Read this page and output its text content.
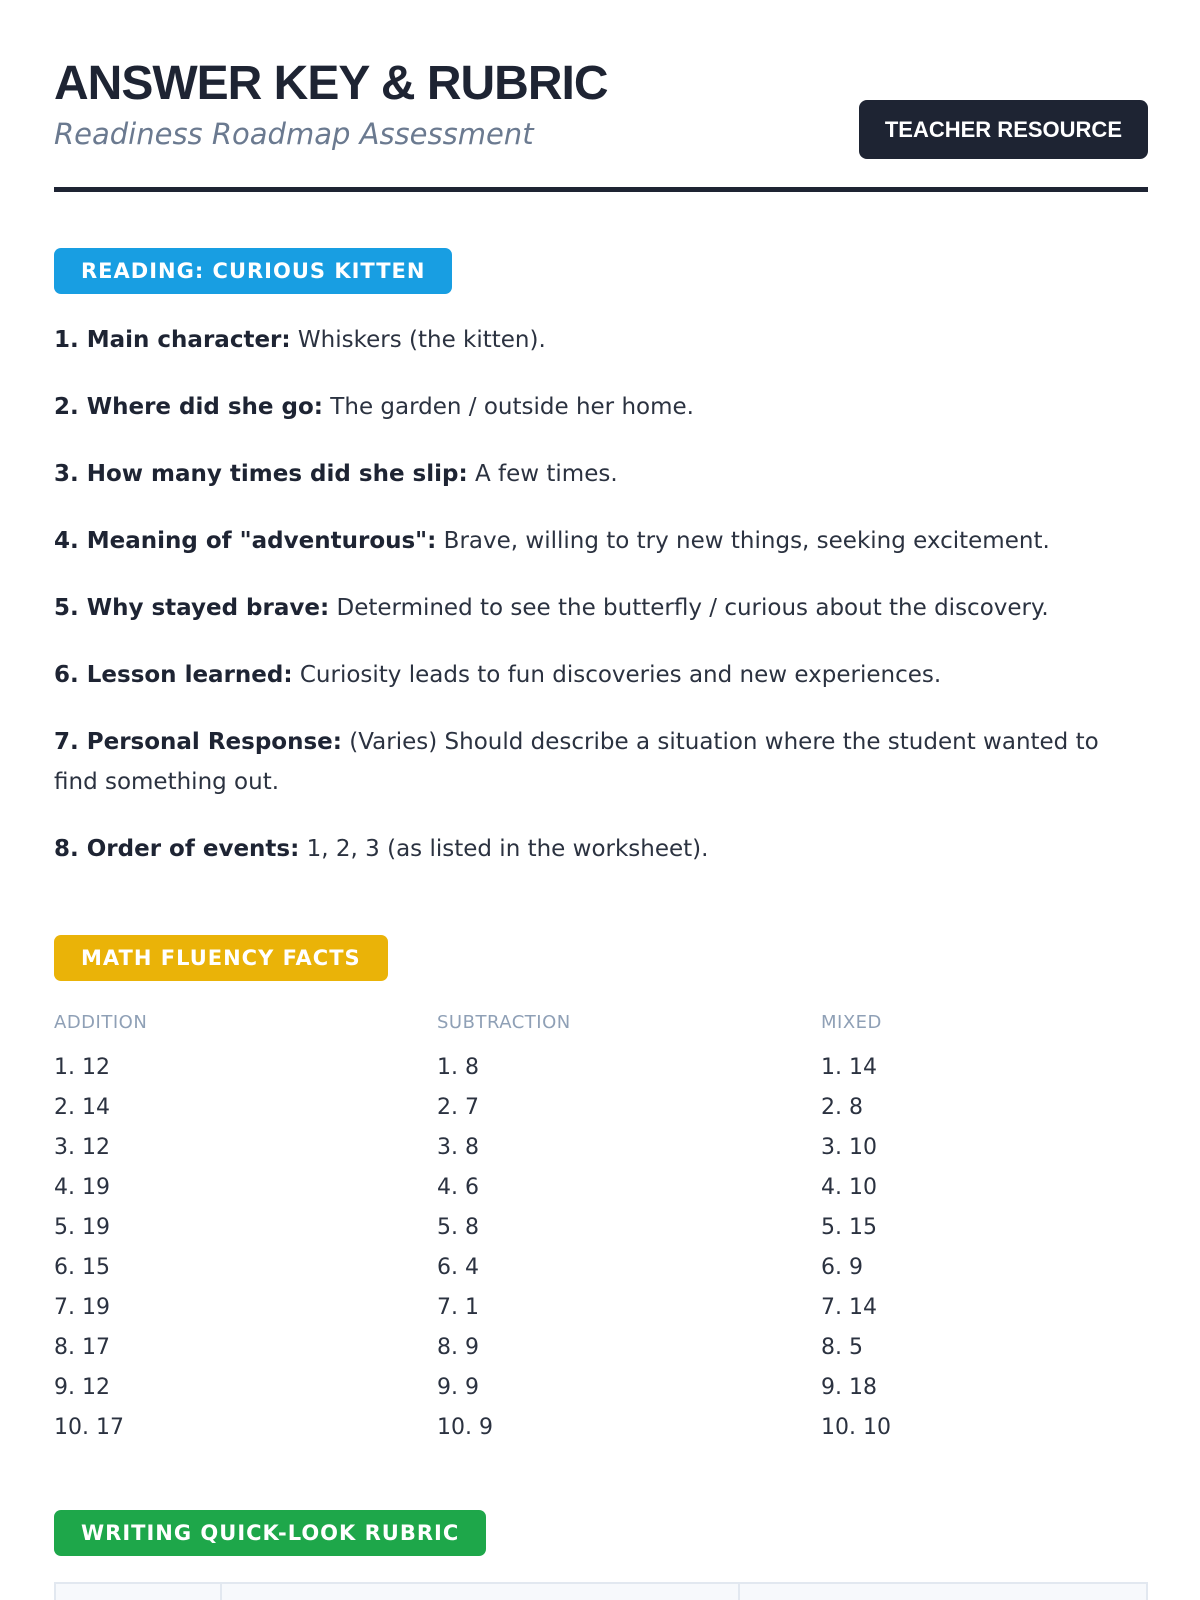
ANSWER KEY & RUBRIC
Readiness Roadmap Assessment	TEACHER RESOURCE
READING: CURIOUS KITTEN
1. Main character: Whiskers (the kitten).
2. Where did she go: The garden / outside her home.
3. How many times did she slip: A few times.
4. Meaning of "adventurous": Brave, willing to try new things, seeking excitement.
5. Why stayed brave: Determined to see the butterfly / curious about the discovery.
6. Lesson learned: Curiosity leads to fun discoveries and new experiences.
7. Personal Response: (Varies) Should describe a situation where the student wanted to find something out.
8. Order of events: 1, 2, 3 (as listed in the worksheet).
MATH FLUENCY FACTS
ADDITION
1. 12
2. 14
3. 12
4. 19
5. 19
6. 15
7. 19
8. 17
9. 12
10. 17
SUBTRACTION
1. 8
2. 7
3. 8
4. 6
5. 8
6. 4
7. 1
8. 9
9. 9
10. 9
MIXED
1. 14
2. 8
3. 10
4. 10
5. 15
6. 9
7. 14
8. 5
9. 18
10. 10
WRITING QUICK-LOOK RUBRIC
